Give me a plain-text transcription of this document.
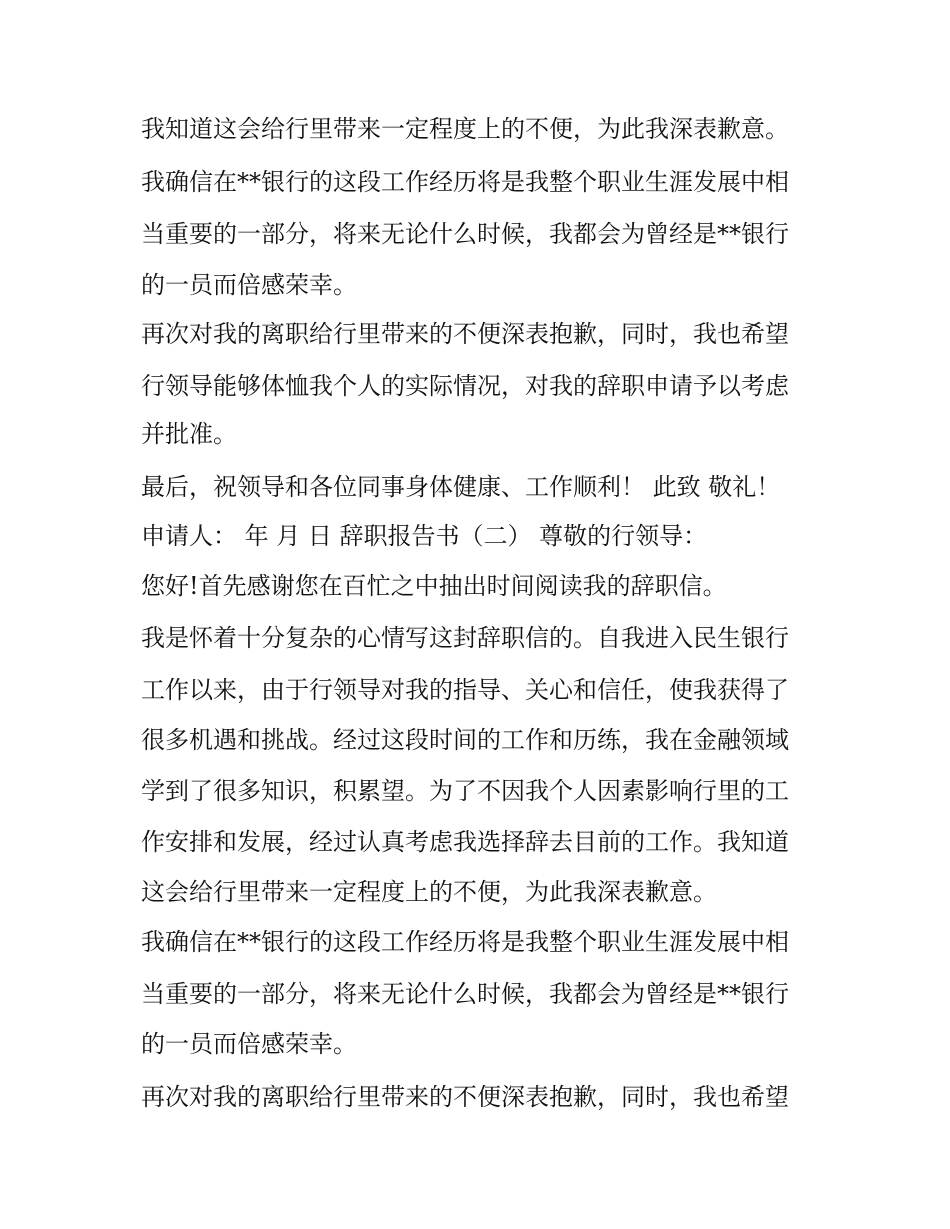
我知道这会给行里带来一定程度上的不便，为此我深表歉意。
我确信在**银行的这段工作经历将是我整个职业生涯发展中相
当重要的一部分，将来无论什么时候，我都会为曾经是**银行
的一员而倍感荣幸。
再次对我的离职给行里带来的不便深表抱歉，同时，我也希望
行领导能够体恤我个人的实际情况，对我的辞职申请予以考虑
并批准。
最后，祝领导和各位同事身体健康、工作顺利！ 此致 敬礼！
申请人： 年 月 日 辞职报告书（二） 尊敬的行领导：
您好!首先感谢您在百忙之中抽出时间阅读我的辞职信。
我是怀着十分复杂的心情写这封辞职信的。自我进入民生银行
工作以来，由于行领导对我的指导、关心和信任，使我获得了
很多机遇和挑战。经过这段时间的工作和历练，我在金融领域
学到了很多知识，积累望。为了不因我个人因素影响行里的工
作安排和发展，经过认真考虑我选择辞去目前的工作。我知道
这会给行里带来一定程度上的不便，为此我深表歉意。
我确信在**银行的这段工作经历将是我整个职业生涯发展中相
当重要的一部分，将来无论什么时候，我都会为曾经是**银行
的一员而倍感荣幸。
再次对我的离职给行里带来的不便深表抱歉，同时，我也希望
